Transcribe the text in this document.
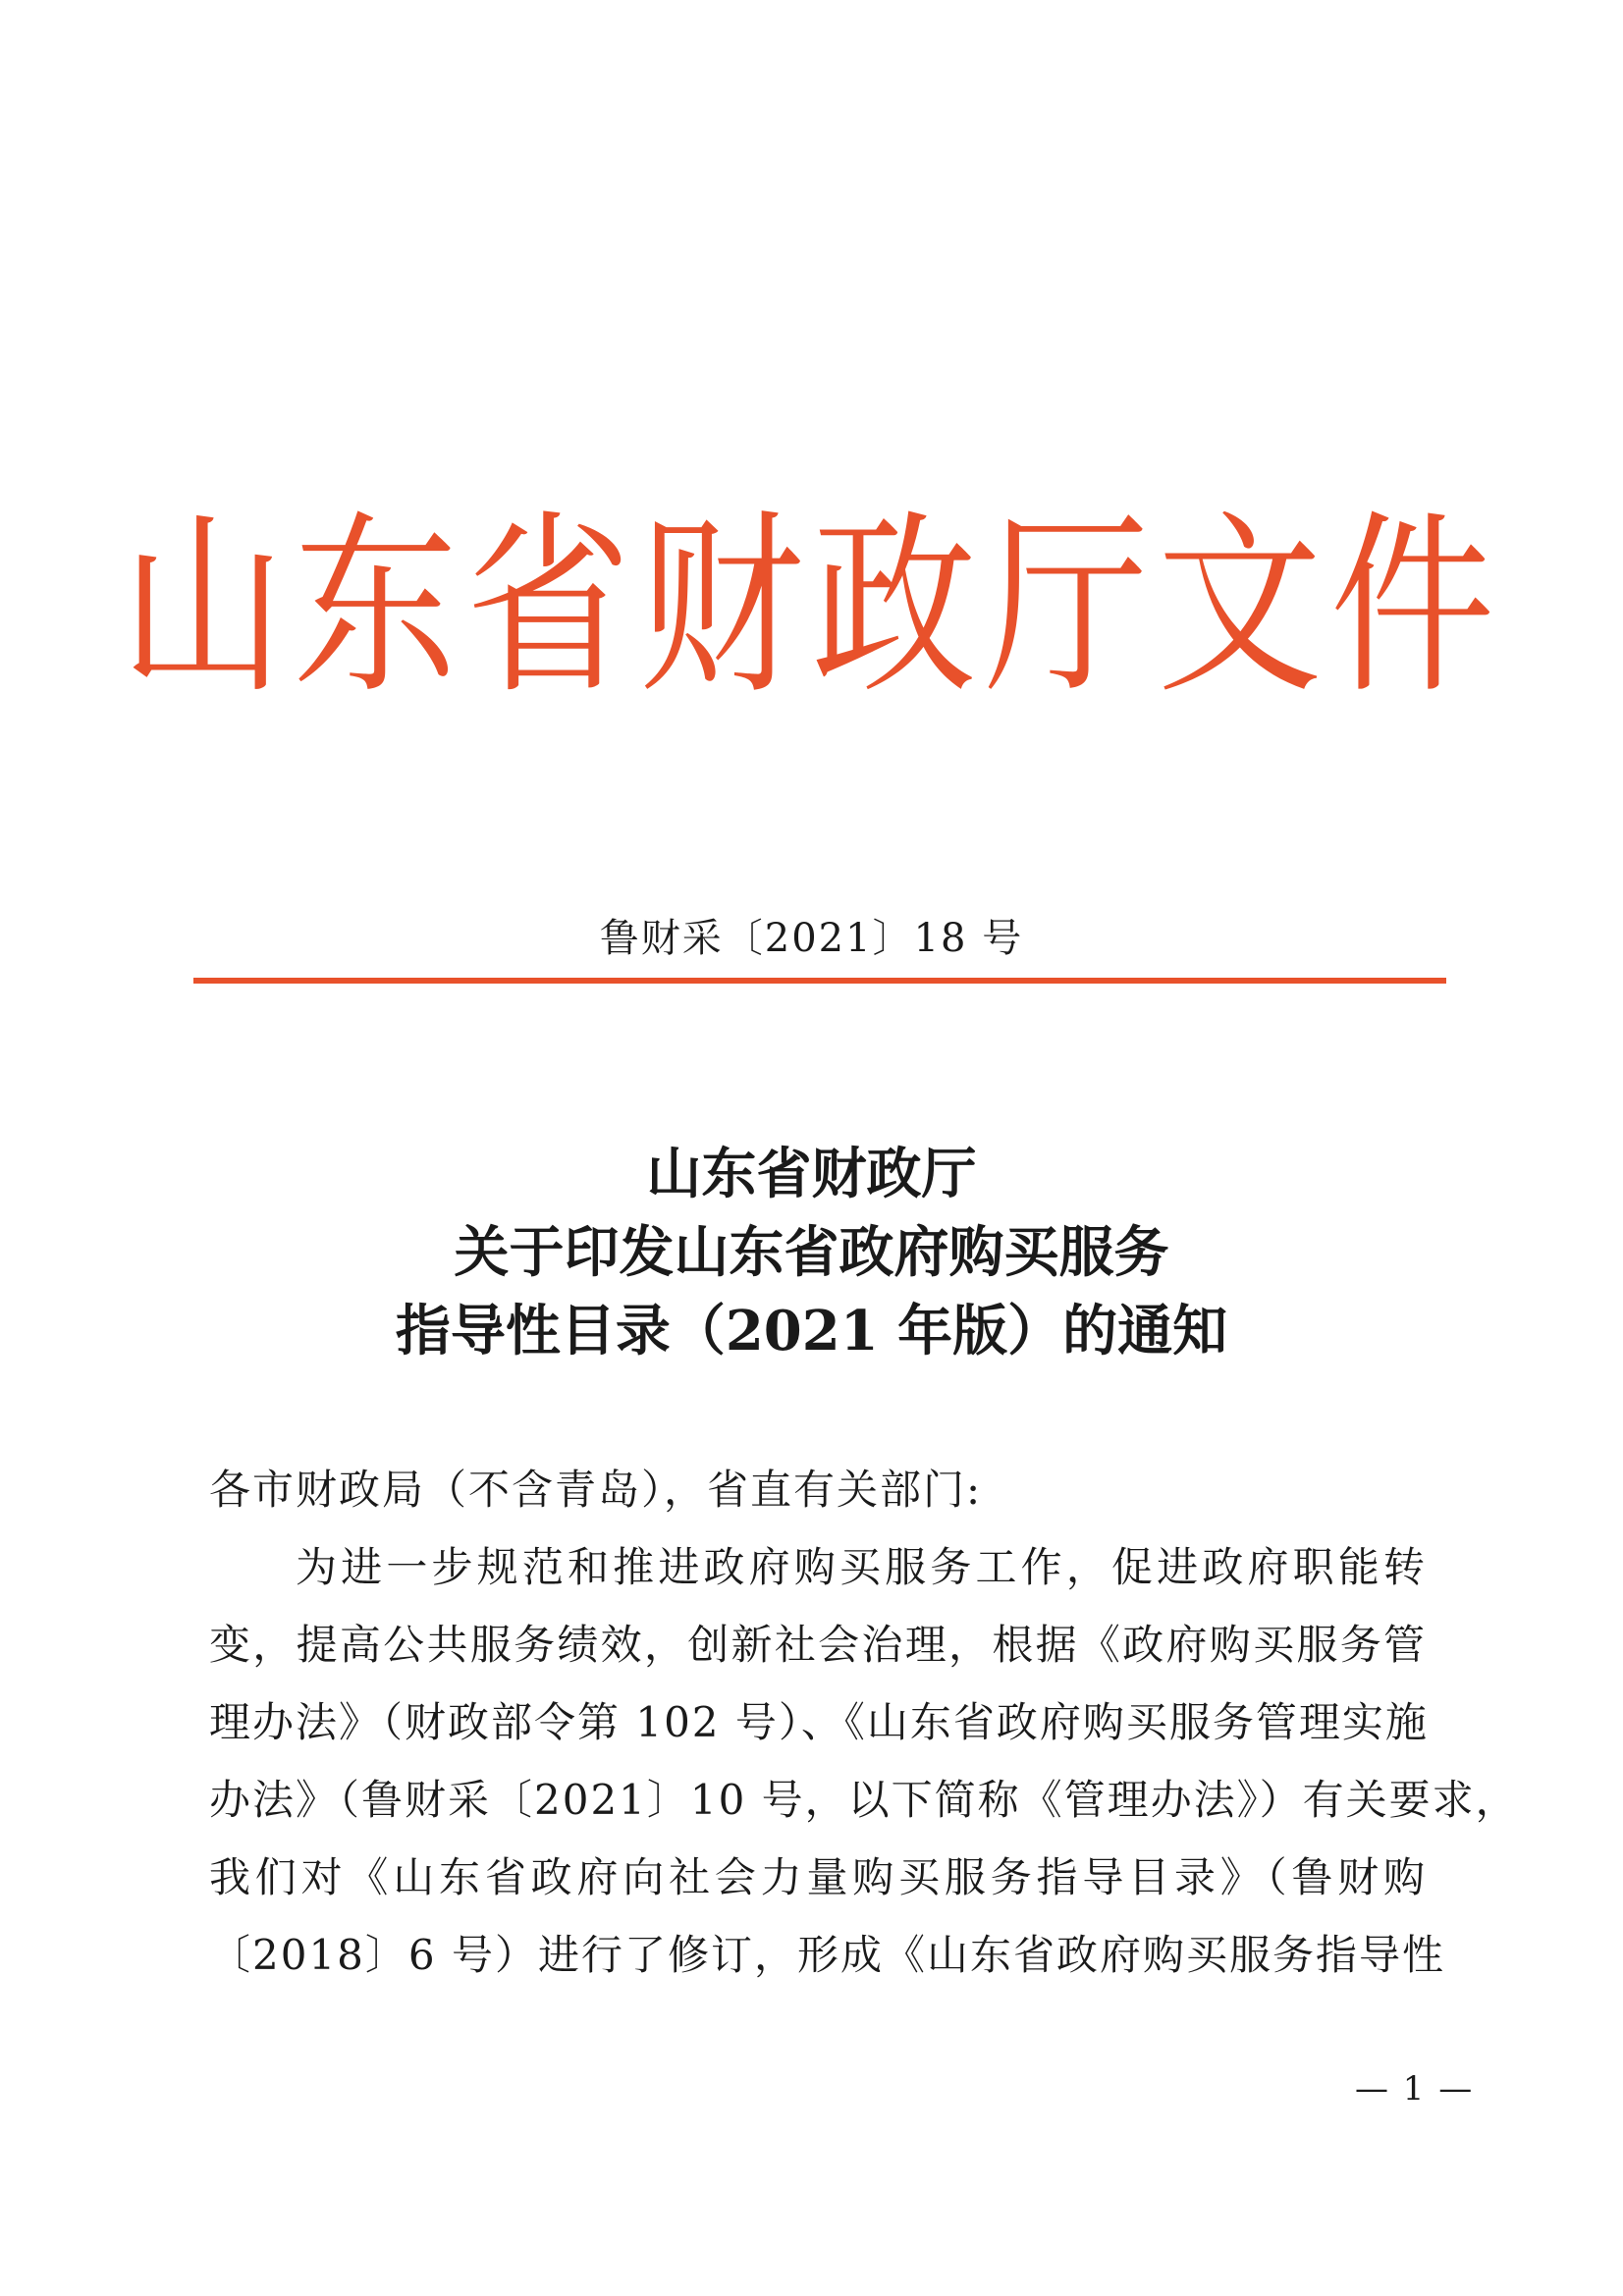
山东省财政厅文件
鲁财采〔2021〕18 号
山东省财政厅
关于印发山东省政府购买服务
指导性目录（2021 年版）的通知
各市财政局（不含青岛），省直有关部门:
为进一步规范和推进政府购买服务工作，促进政府职能转
变，提高公共服务绩效，创新社会治理，根据《政府购买服务管
理办法》（财政部令第 102 号）、《山东省政府购买服务管理实施
办法》（鲁财采〔2021〕10 号，以下简称《管理办法》）有关要求，
我们对《山东省政府向社会力量购买服务指导目录》（鲁财购
〔2018〕6 号）进行了修订，形成《山东省政府购买服务指导性
— 1 —
